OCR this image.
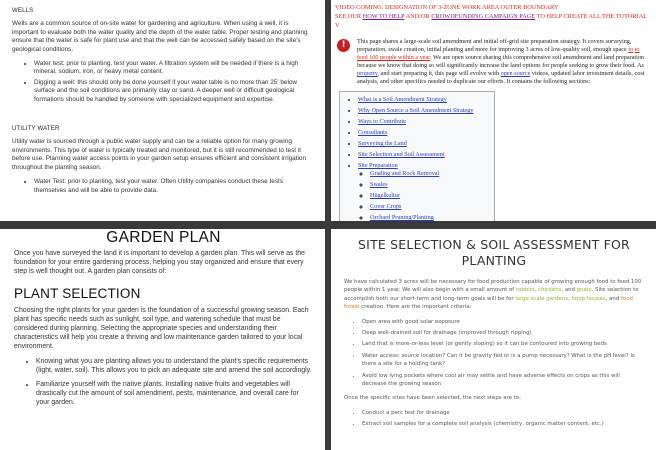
WELLS

Wells are a common source of on-site water for gardening and agriculture. When using a well, it is important to evaluate both the water quality and the depth of the water table. Proper testing and planning ensure that the water is safe for plant use and that the well can be accessed safely based on the site's geological conditions.

• Water test: prior to planting, test your water. A filtration system will be needed if there is a high mineral, sodium, iron, or heavy metal content.
• Digging a well: this should only be done yourself if your water table is no more than 25' below surface and the soil conditions are primarily clay or sand. A deeper well or difficult geological formations should be handled by someone with specialized equipment and expertise.
UTILITY WATER

Utility water is sourced through a public water supply and can be a reliable option for many growing environments. This type of water is typically treated and monitored, but it is still recommended to test it before use. Planning water access points in your garden setup ensures efficient and consistent irrigation throughout the planting season.

• Water Test: prior to planting, test your water. Often Utility companies conduct these tests themselves and will be able to provide data.

VIDEO COMING: DESIGNATION OF 3-ZONE WORK AREA OUTER BOUNDARY

SEE OUR HOW TO HELP AND/OR CROWDFUNDING CAMPAIGN PAGE TO HELP CREATE ALL THE TUTORIAL V

!	This page shares a large-scale soil amendment and initial off-grid site preparation strategy. It covers surveying, preparation, swale creation, initial planting and more for improving 3 acres of low-quality soil, enough space to to feed 100 people within a year. We are open source sharing this comprehensive soil amendment and land preparation because we know that doing so will significantly increase the land options for people seeking to grow their food. As property, and start preparing it, this page will evolve with open source videos, updated labor investment details, cost analysis, and other specifics needed to duplicate our efforts. It contains the following sections:

• What is a Soil Amendment Strategy
• Why Open Source a Soil Amendment Strategy
• Ways to Contribute
• Consultants
• Surveying the Land
• Site Selection and Soil Assessment
• Site Preparation
◦ Grading and Rock Removal
◦ Swales
◦ Hügelkultur
◦ Cover Crops
◦ Orchard Pruning/Planting
GARDEN PLAN

Once you have surveyed the land it is important to develop a garden plan. This will serve as the foundation for your entire gardening process, helping you stay organized and ensure that every step is well thought out. A garden plan consists of:

PLANT SELECTION

Choosing the right plants for your garden is the foundation of a successful growing season. Each plant has specific needs such as sunlight, soil type, and watering schedule that must be considered during planning. Selecting the appropriate species and understanding their characteristics will help you create a thriving and low maintenance garden tailored to your local environment.

• Knowing what you are planting allows you to understand the plant's specific requirements (light, water, soil). This allows you to pick an adequate site and amend the soil accordingly.
• Familiarize yourself with the native plants. Installing native fruits and vegetables will drastically cut the amount of soil amendment, pests, maintenance, and overall care for your garden.
SITE SELECTION & SOIL ASSESSMENT FOR PLANTING

We have calculated 3 acres will be necessary for food production capable of growing enough food to feed 100 people within 1 year. We will also begin with a small amount of rabbits, chickens, and goats. Site selection to accomplish both our short-term and long-term goals will be for large scale gardens, hoop houses, and food forest creation. Here are the important criteria:

• Open area with good solar exposure
• Deep well-drained soil for drainage (improved through ripping)
• Land that is more-or-less level (or gently sloping) so it can be contoured into growing beds
• Water access: source location? Can it be gravity fed or is a pump necessary? What is the pH level? Is there a site for a holding tank?
• Avoid low lying pockets where cool air may settle and have adverse effects on crops as this will decrease the growing season

Once the specific sites have been selected, the next steps are to:

• Conduct a perc test for drainage
• Extract soil samples for a complete soil analysis (chemistry, organic matter content, etc.)
